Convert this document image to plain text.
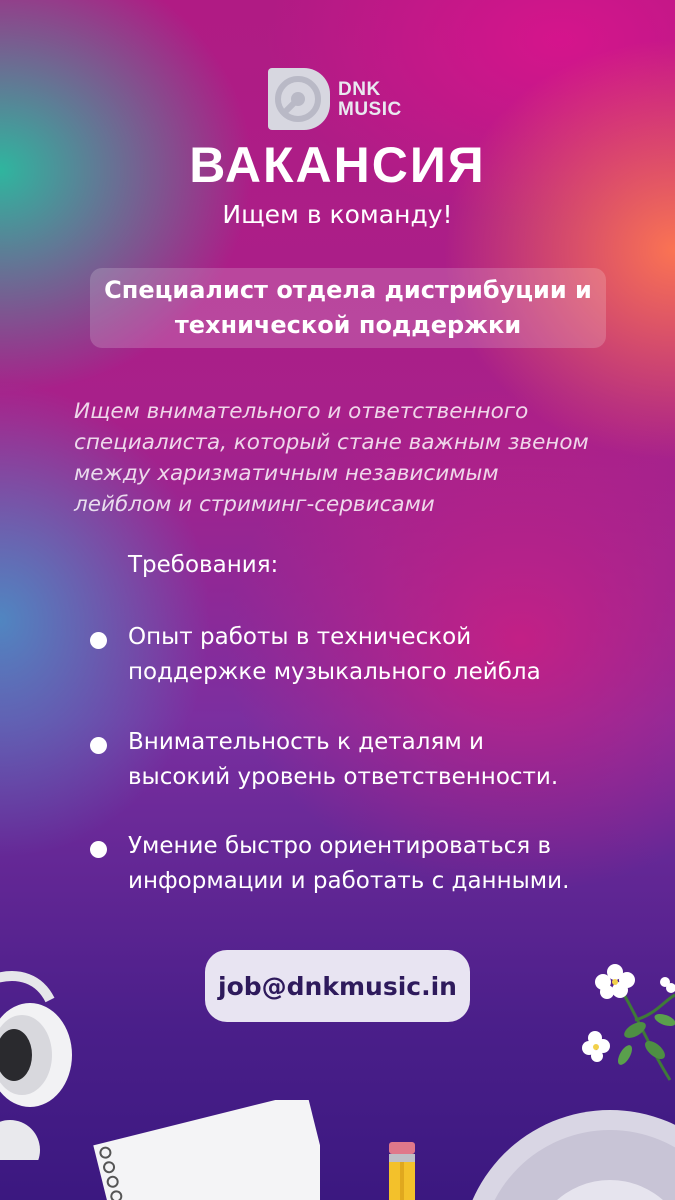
DNK
MUSIC
ВАКАНСИЯ
Ищем в команду!
Специалист отдела дистрибуции и
технической поддержки
Ищем внимательного и ответственного
специалиста, который стане важным звеном
между харизматичным независимым
лейблом и стриминг-сервисами
Требования:
Опыт работы в технической
поддержке музыкального лейбла
Внимательность к деталям и
высокий уровень ответственности.
Умение быстро ориентироваться в
информации и работать с данными.
job@dnkmusic.in
